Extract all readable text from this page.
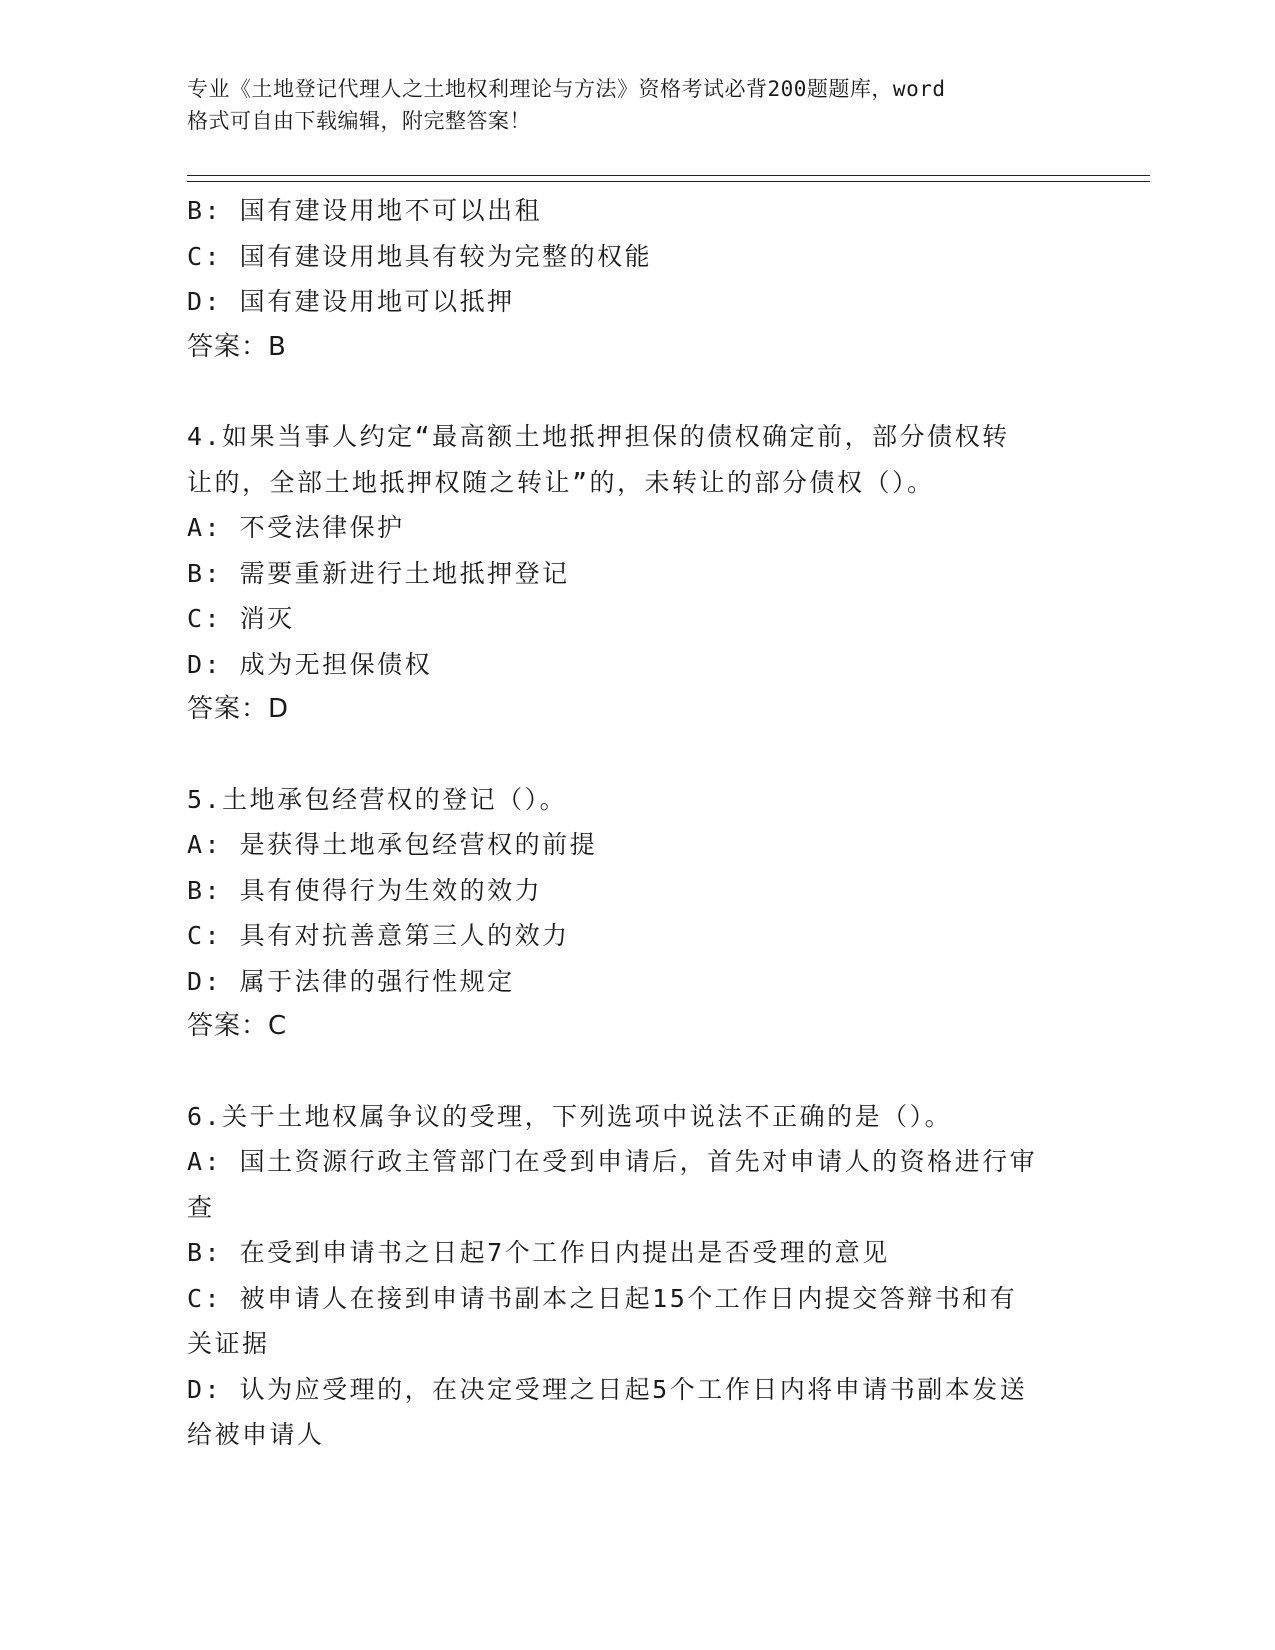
专业《土地登记代理人之土地权利理论与方法》资格考试必背200题题库，word
格式可自由下载编辑，附完整答案！
B: 国有建设用地不可以出租
C: 国有建设用地具有较为完整的权能
D: 国有建设用地可以抵押
答案：B
4.如果当事人约定“最高额土地抵押担保的债权确定前，部分债权转
让的，全部土地抵押权随之转让”的，未转让的部分债权（）。
A: 不受法律保护
B: 需要重新进行土地抵押登记
C: 消灭
D: 成为无担保债权
答案：D
5.土地承包经营权的登记（）。
A: 是获得土地承包经营权的前提
B: 具有使得行为生效的效力
C: 具有对抗善意第三人的效力
D: 属于法律的强行性规定
答案：C
6.关于土地权属争议的受理，下列选项中说法不正确的是（）。
A: 国土资源行政主管部门在受到申请后，首先对申请人的资格进行审
查
B: 在受到申请书之日起7个工作日内提出是否受理的意见
C: 被申请人在接到申请书副本之日起15个工作日内提交答辩书和有
关证据
D: 认为应受理的，在决定受理之日起5个工作日内将申请书副本发送
给被申请人
